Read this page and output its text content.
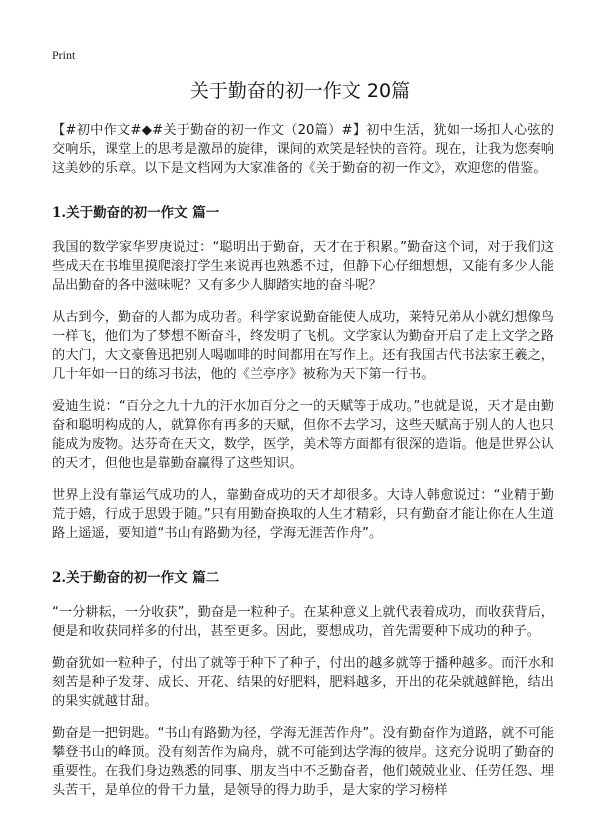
Print
关于勤奋的初一作文 20篇

【#初中作文#◆#关于勤奋的初一作文（20篇）#】初中生活，犹如一场扣人心弦的交响乐，课堂上的思考是激昂的旋律，课间的欢笑是轻快的音符。现在，让我为您奏响这美妙的乐章。以下是文档网为大家准备的《关于勤奋的初一作文》，欢迎您的借鉴。

1.关于勤奋的初一作文 篇一

我国的数学家华罗庚说过：“聪明出于勤奋，天才在于积累。”勤奋这个词，对于我们这些成天在书堆里摸爬滚打学生来说再也熟悉不过，但静下心仔细想想，又能有多少人能品出勤奋的各中滋味呢？又有多少人脚踏实地的奋斗呢？

从古到今，勤奋的人都为成功者。科学家说勤奋能使人成功，莱特兄弟从小就幻想像鸟一样飞，他们为了梦想不断奋斗，终发明了飞机。文学家认为勤奋开启了走上文学之路的大门，大文豪鲁迅把别人喝咖啡的时间都用在写作上。还有我国古代书法家王羲之，几十年如一日的练习书法，他的《兰亭序》被称为天下第一行书。

爱迪生说：“百分之九十九的汗水加百分之一的天赋等于成功。”也就是说，天才是由勤奋和聪明构成的人，就算你有再多的天赋，但你不去学习，这些天赋高于别人的人也只能成为废物。达芬奇在天文，数学，医学，美术等方面都有很深的造诣。他是世界公认的天才，但他也是靠勤奋赢得了这些知识。

世界上没有靠运气成功的人，靠勤奋成功的天才却很多。大诗人韩愈说过：“业精于勤荒于嬉，行成于思毁于随。”只有用勤奋换取的人生才精彩，只有勤奋才能让你在人生道路上遥遥，要知道“书山有路勤为径，学海无涯苦作舟”。

2.关于勤奋的初一作文 篇二

“一分耕耘，一分收获”，勤奋是一粒种子。在某种意义上就代表着成功，而收获背后，便是和收获同样多的付出，甚至更多。因此，要想成功，首先需要种下成功的种子。

勤奋犹如一粒种子，付出了就等于种下了种子，付出的越多就等于播种越多。而汗水和刻苦是种子发芽、成长、开花、结果的好肥料，肥料越多，开出的花朵就越鲜艳，结出的果实就越甘甜。

勤奋是一把钥匙。“书山有路勤为径，学海无涯苦作舟”。没有勤奋作为道路，就不可能攀登书山的峰顶。没有刻苦作为扁舟，就不可能到达学海的彼岸。这充分说明了勤奋的重要性。在我们身边熟悉的同事、朋友当中不乏勤奋者，他们兢兢业业、任劳任怨、埋头苦干，是单位的骨干力量，是领导的得力助手，是大家的学习榜样
